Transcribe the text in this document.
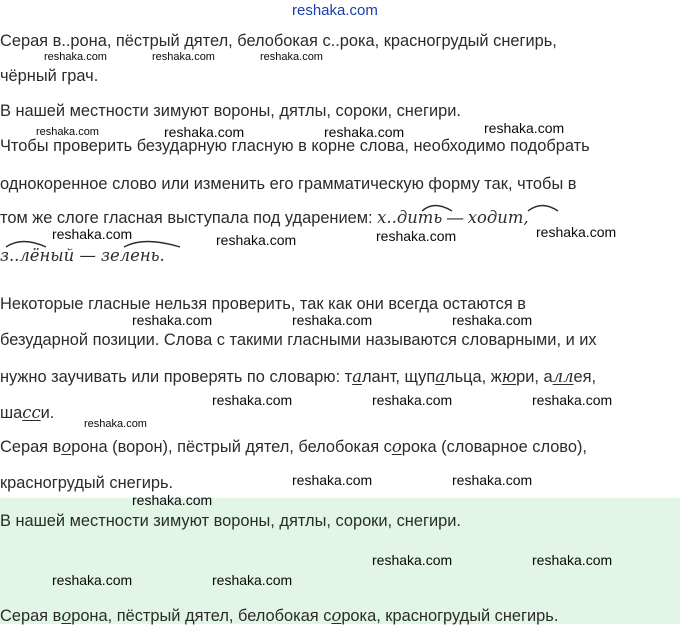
reshaka.com
Серая в..рона, пёстрый дятел, белобокая с..рока, красногрудый снегирь,
чёрный грач.
В нашей местности зимуют вороны, дятлы, сороки, снегири.
Чтобы проверить безударную гласную в корне слова, необходимо подобрать
однокоренное слово или изменить его грамматическую форму так, чтобы в
том же слоге гласная выступала под ударением: х..дить — ходит,
з..лёный — зелень.
Некоторые гласные нельзя проверить, так как они всегда остаются в
безударной позиции. Слова с такими гласными называются словарными, и их
нужно заучивать или проверять по словарю: талант, щупальца, жюри, аллея,
шасси.
Серая ворона (ворон), пёстрый дятел, белобокая сорока (словарное слово),
красногрудый снегирь.
В нашей местности зимуют вороны, дятлы, сороки, снегири.
Серая ворона, пёстрый дятел, белобокая сорока, красногрудый снегирь.
reshaka.com	reshaka.com	reshaka.com
reshaka.com	reshaka.com	reshaka.com	reshaka.com
reshaka.com	reshaka.com	reshaka.com	reshaka.com
reshaka.com	reshaka.com	reshaka.com
reshaka.com	reshaka.com	reshaka.com
reshaka.com
reshaka.com	reshaka.com
reshaka.com
reshaka.com	reshaka.com
reshaka.com	reshaka.com
